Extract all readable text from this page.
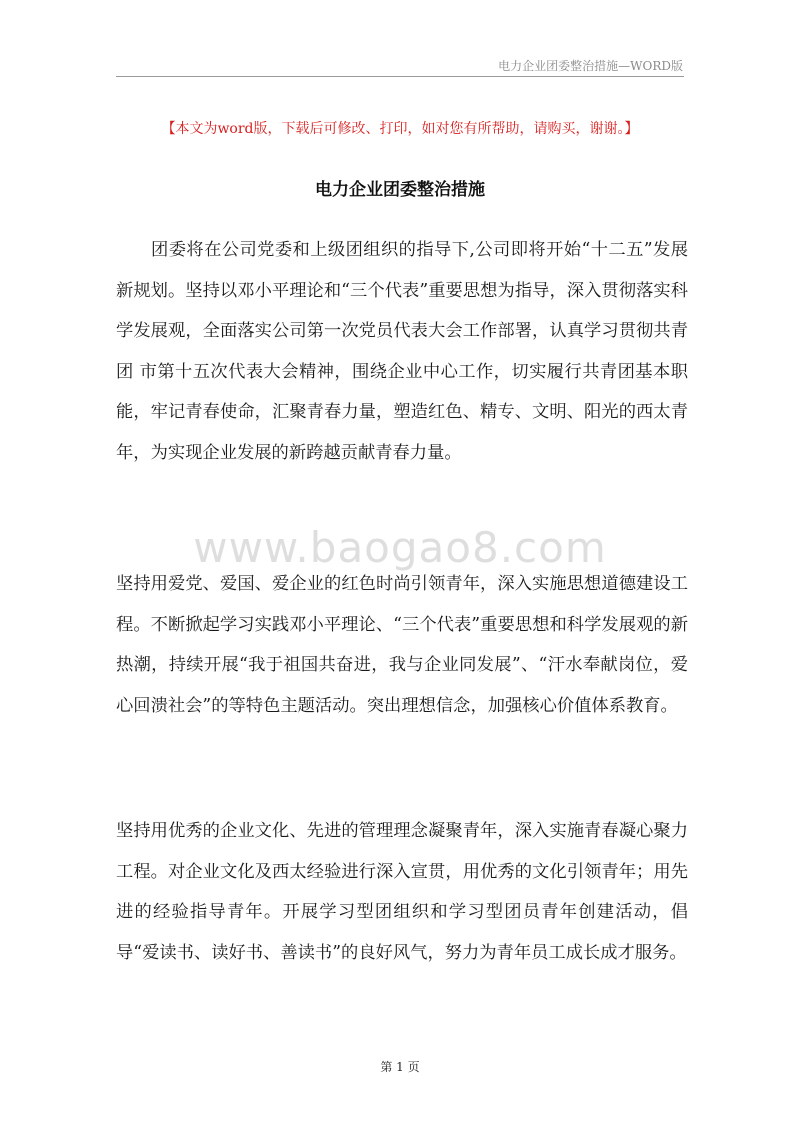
电力企业团委整治措施—WORD版
【本文为word版，下载后可修改、打印，如对您有所帮助，请购买，谢谢。】
电力企业团委整治措施
www.baogao8.com
团委将在公司党委和上级团组织的指导下,公司即将开始“十二五”发展新规划。坚持以邓小平理论和“三个代表”重要思想为指导，深入贯彻落实科学发展观，全面落实公司第一次党员代表大会工作部署，认真学习贯彻共青团 市第十五次代表大会精神，围绕企业中心工作，切实履行共青团基本职能，牢记青春使命，汇聚青春力量，塑造红色、精专、文明、阳光的西太青年，为实现企业发展的新跨越贡献青春力量。
坚持用爱党、爱国、爱企业的红色时尚引领青年，深入实施思想道德建设工程。不断掀起学习实践邓小平理论、“三个代表”重要思想和科学发展观的新热潮，持续开展“我于祖国共奋进，我与企业同发展”、“汗水奉献岗位，爱心回溃社会”的等特色主题活动。突出理想信念，加强核心价值体系教育。
坚持用优秀的企业文化、先进的管理理念凝聚青年，深入实施青春凝心聚力工程。对企业文化及西太经验进行深入宣贯，用优秀的文化引领青年；用先进的经验指导青年。开展学习型团组织和学习型团员青年创建活动，倡导“爱读书、读好书、善读书”的良好风气，努力为青年员工成长成才服务。
第 1 页
